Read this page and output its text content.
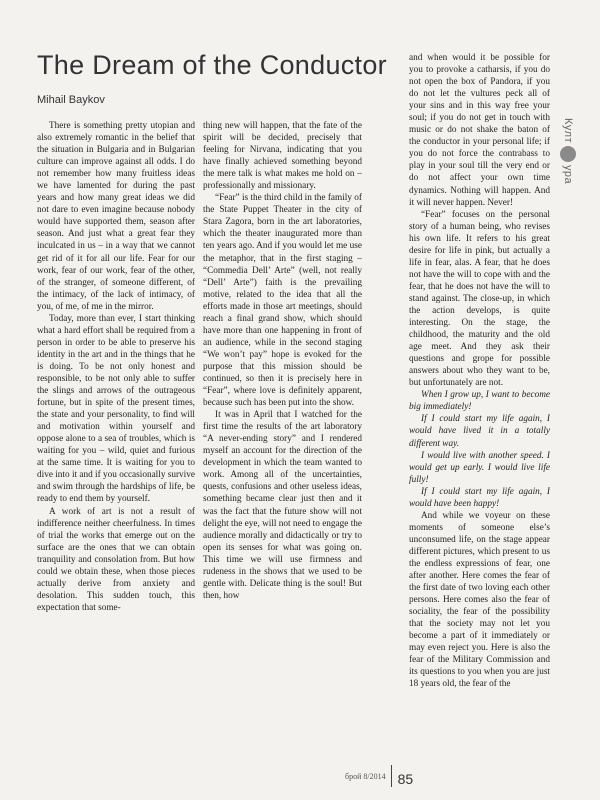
The Dream of the Conductor
Mihail Baykov

There is something pretty utopian and also extremely romantic in the belief that the situation in Bulgaria and in Bulgarian culture can improve against all odds. I do not remember how many fruitless ideas we have lamented for during the past years and how many great ideas we did not dare to even imagine because nobody would have supported them, season after season. And just what a great fear they inculcated in us – in a way that we cannot get rid of it for all our life. Fear for our work, fear of our work, fear of the other, of the stranger, of someone different, of the intimacy, of the lack of intimacy, of you, of me, of me in the mirror.

Today, more than ever, I start thinking what a hard effort shall be required from a person in order to be able to preserve his identity in the art and in the things that he is doing. To be not only honest and responsible, to be not only able to suffer the slings and arrows of the outrageous fortune, but in spite of the present times, the state and your personality, to find will and motivation within yourself and oppose alone to a sea of troubles, which is waiting for you – wild, quiet and furious at the same time. It is waiting for you to dive into it and if you occasionally survive and swim through the hardships of life, be ready to end them by yourself.

A work of art is not a result of indifference neither cheerfulness. In times of trial the works that emerge out on the surface are the ones that we can obtain tranquility and consolation from. But how could we obtain these, when those pieces actually derive from anxiety and desolation. This sudden touch, this expectation that some-

thing new will happen, that the fate of the spirit will be decided, precisely that feeling for Nirvana, indicating that you have finally achieved something beyond the mere talk is what makes me hold on – professionally and missionary.

“Fear” is the third child in the family of the State Puppet Theater in the city of Stara Zagora, born in the art laboratories, which the theater inaugurated more than ten years ago. And if you would let me use the metaphor, that in the first staging – “Commedia Dell’ Arte” (well, not really “Dell’ Arte”) faith is the prevailing motive, related to the idea that all the efforts made in those art meetings, should reach a final grand show, which should have more than one happening in front of an audience, while in the second staging “We won’t pay” hope is evoked for the purpose that this mission should be continued, so then it is precisely here in “Fear”, where love is definitely apparent, because such has been put into the show.

It was in April that I watched for the first time the results of the art laboratory “A never-ending story” and I rendered myself an account for the direction of the development in which the team wanted to work. Among all of the uncertainties, quests, confusions and other useless ideas, something became clear just then and it was the fact that the future show will not delight the eye, will not need to engage the audience morally and didactically or try to open its senses for what was going on. This time we will use firmness and rudeness in the shows that we used to be gentle with. Delicate thing is the soul! But then, how

and when would it be possible for you to provoke a catharsis, if you do not open the box of Pandora, if you do not let the vultures peck all of your sins and in this way free your soul; if you do not get in touch with music or do not shake the baton of the conductor in your personal life; if you do not force the contrabass to play in your soul till the very end or do not affect your own time dynamics. Nothing will happen. And it will never happen. Never!

“Fear” focuses on the personal story of a human being, who revises his own life. It refers to his great desire for life in pink, but actually a life in fear, alas. A fear, that he does not have the will to cope with and the fear, that he does not have the will to stand against. The close-up, in which the action develops, is quite interesting. On the stage, the childhood, the maturity and the old age meet. And they ask their questions and grope for possible answers about who they want to be, but unfortunately are not.

When I grow up, I want to become big immediately!

If I could start my life again, I would have lived it in a totally different way.

I would live with another speed. I would get up early. I would live life fully!

If I could start my life again, I would have been happy!

And while we voyeur on these moments of someone else’s unconsumed life, on the stage appear different pictures, which present to us the endless expressions of fear, one after another. Here comes the fear of the first date of two loving each other persons. Here comes also the fear of sociality, the fear of the possibility that the society may not let you become a part of it immediately or may even reject you. Here is also the fear of the Military Commission and its questions to you when you are just 18 years old, the fear of the

Култ
ура
брой 8/2014 85
